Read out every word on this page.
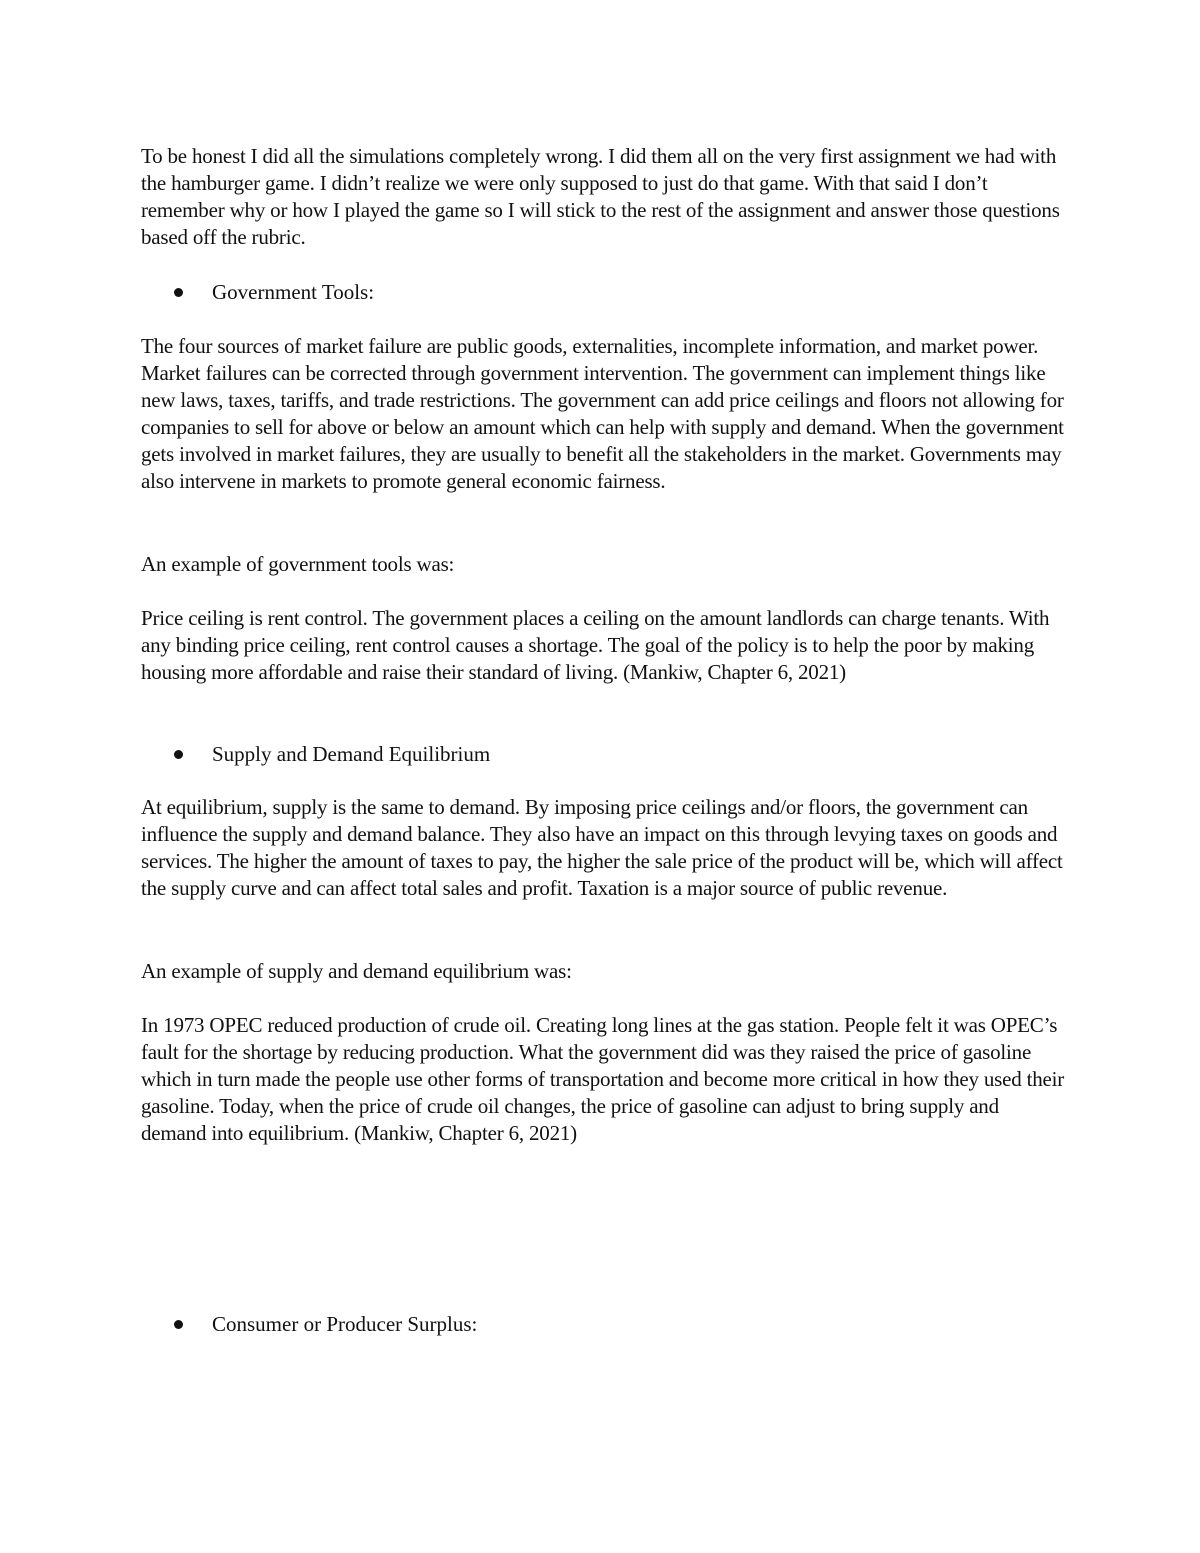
To be honest I did all the simulations completely wrong. I did them all on the very first assignment we had with the hamburger game. I didn’t realize we were only supposed to just do that game. With that said I don’t remember why or how I played the game so I will stick to the rest of the assignment and answer those questions based off the rubric.

Government Tools:

The four sources of market failure are public goods, externalities, incomplete information, and market power. Market failures can be corrected through government intervention. The government can implement things like new laws, taxes, tariffs, and trade restrictions. The government can add price ceilings and floors not allowing for companies to sell for above or below an amount which can help with supply and demand. When the government gets involved in market failures, they are usually to benefit all the stakeholders in the market. Governments may also intervene in markets to promote general economic fairness.

An example of government tools was:

Price ceiling is rent control. The government places a ceiling on the amount landlords can charge tenants. With any binding price ceiling, rent control causes a shortage. The goal of the policy is to help the poor by making housing more affordable and raise their standard of living. (Mankiw, Chapter 6, 2021)

Supply and Demand Equilibrium

At equilibrium, supply is the same to demand. By imposing price ceilings and/or floors, the government can influence the supply and demand balance. They also have an impact on this through levying taxes on goods and services. The higher the amount of taxes to pay, the higher the sale price of the product will be, which will affect the supply curve and can affect total sales and profit. Taxation is a major source of public revenue.

An example of supply and demand equilibrium was:

In 1973 OPEC reduced production of crude oil. Creating long lines at the gas station. People felt it was OPEC’s fault for the shortage by reducing production. What the government did was they raised the price of gasoline which in turn made the people use other forms of transportation and become more critical in how they used their gasoline. Today, when the price of crude oil changes, the price of gasoline can adjust to bring supply and demand into equilibrium. (Mankiw, Chapter 6, 2021)

Consumer or Producer Surplus:
